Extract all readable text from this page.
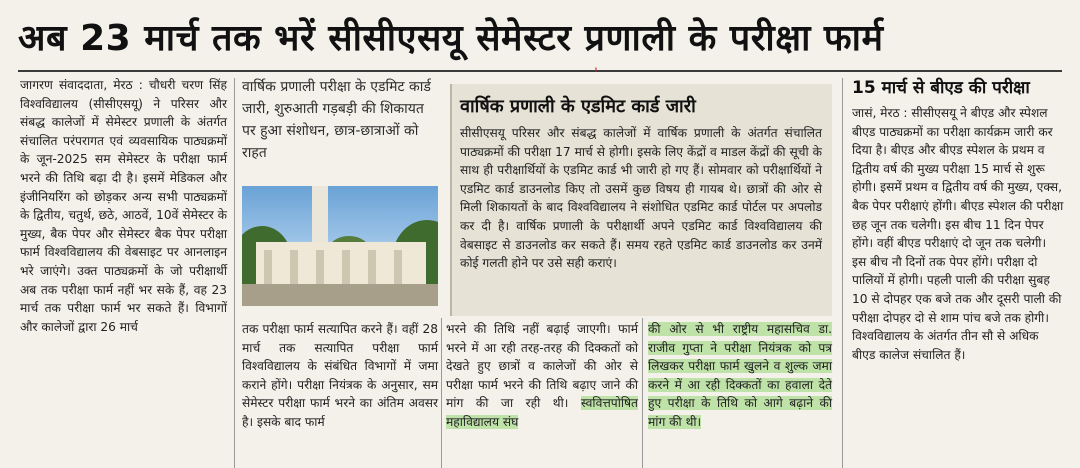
अब 23 मार्च तक भरें सीसीएसयू सेमेस्टर प्रणाली के परीक्षा फार्म
'
जागरण संवाददाता, मेरठ : चौधरी चरण सिंह विश्वविद्यालय (सीसीएसयू) ने परिसर और संबद्ध कालेजों में सेमेस्टर प्रणाली के अंतर्गत संचालित परंपरागत एवं व्यवसायिक पाठ्यक्रमों के जून-2025 सम सेमेस्टर के परीक्षा फार्म भरने की तिथि बढ़ा दी है। इसमें मेडिकल और इंजीनियरिंग को छोड़कर अन्य सभी पाठ्यक्रमों के द्वितीय, चतुर्थ, छठे, आठवें, 10वें सेमेस्टर के मुख्य, बैक पेपर और सेमेस्टर बैक पेपर परीक्षा फार्म विश्वविद्यालय की वेबसाइट पर आनलाइन भरे जाएंगे। उक्त पाठ्यक्रमों के जो परीक्षार्थी अब तक परीक्षा फार्म नहीं भर सके हैं, वह 23 मार्च तक परीक्षा फार्म भर सकते हैं। विभागों और कालेजों द्वारा 26 मार्च
वार्षिक प्रणाली परीक्षा के एडमिट कार्ड जारी, शुरुआती गड़बड़ी की शिकायत पर हुआ संशोधन, छात्र-छात्राओं को राहत
वार्षिक प्रणाली के एडमिट कार्ड जारी
सीसीएसयू परिसर और संबद्ध कालेजों में वार्षिक प्रणाली के अंतर्गत संचालित पाठ्यक्रमों की परीक्षा 17 मार्च से होगी। इसके लिए केंद्रों व माडल केंद्रों की सूची के साथ ही परीक्षार्थियों के एडमिट कार्ड भी जारी हो गए हैं। सोमवार को परीक्षार्थियों ने एडमिट कार्ड डाउनलोड किए तो उसमें कुछ विषय ही गायब थे। छात्रों की ओर से मिली शिकायतों के बाद विश्वविद्यालय ने संशोधित एडमिट कार्ड पोर्टल पर अपलोड कर दी है। वार्षिक प्रणाली के परीक्षार्थी अपने एडमिट कार्ड विश्वविद्यालय की वेबसाइट से डाउनलोड कर सकते हैं। समय रहते एडमिट कार्ड डाउनलोड कर उनमें कोई गलती होने पर उसे सही कराएं।
तक परीक्षा फार्म सत्यापित करने हैं। वहीं 28 मार्च तक सत्यापित परीक्षा फार्म विश्वविद्यालय के संबंधित विभागों में जमा कराने होंगे। परीक्षा नियंत्रक के अनुसार, सम सेमेस्टर परीक्षा फार्म भरने का अंतिम अवसर है। इसके बाद फार्म
भरने की तिथि नहीं बढ़ाई जाएगी। फार्म भरने में आ रही तरह-तरह की दिक्कतों को देखते हुए छात्रों व कालेजों की ओर से परीक्षा फार्म भरने की तिथि बढ़ाए जाने की मांग की जा रही थी। स्ववित्तपोषित महाविद्यालय संघ
की ओर से भी राष्ट्रीय महासचिव डा. राजीव गुप्ता ने परीक्षा नियंत्रक को पत्र लिखकर परीक्षा फार्म खुलने व शुल्क जमा करने में आ रही दिक्कतों का हवाला देते हुए परीक्षा के तिथि को आगे बढ़ाने की मांग की थी।
15 मार्च से बीएड की परीक्षा
जासं, मेरठ : सीसीएसयू ने बीएड और स्पेशल बीएड पाठ्यक्रमों का परीक्षा कार्यक्रम जारी कर दिया है। बीएड और बीएड स्पेशल के प्रथम व द्वितीय वर्ष की मुख्य परीक्षा 15 मार्च से शुरू होगी। इसमें प्रथम व द्वितीय वर्ष की मुख्य, एक्स, बैक पेपर परीक्षाएं होंगी। बीएड स्पेशल की परीक्षा छह जून तक चलेगी। इस बीच 11 दिन पेपर होंगे। वहीं बीएड परीक्षाएं दो जून तक चलेगी। इस बीच नौ दिनों तक पेपर होंगे। परीक्षा दो पालियों में होगी। पहली पाली की परीक्षा सुबह 10 से दोपहर एक बजे तक और दूसरी पाली की परीक्षा दोपहर दो से शाम पांच बजे तक होगी। विश्वविद्यालय के अंतर्गत तीन सौ से अधिक बीएड कालेज संचालित हैं।
